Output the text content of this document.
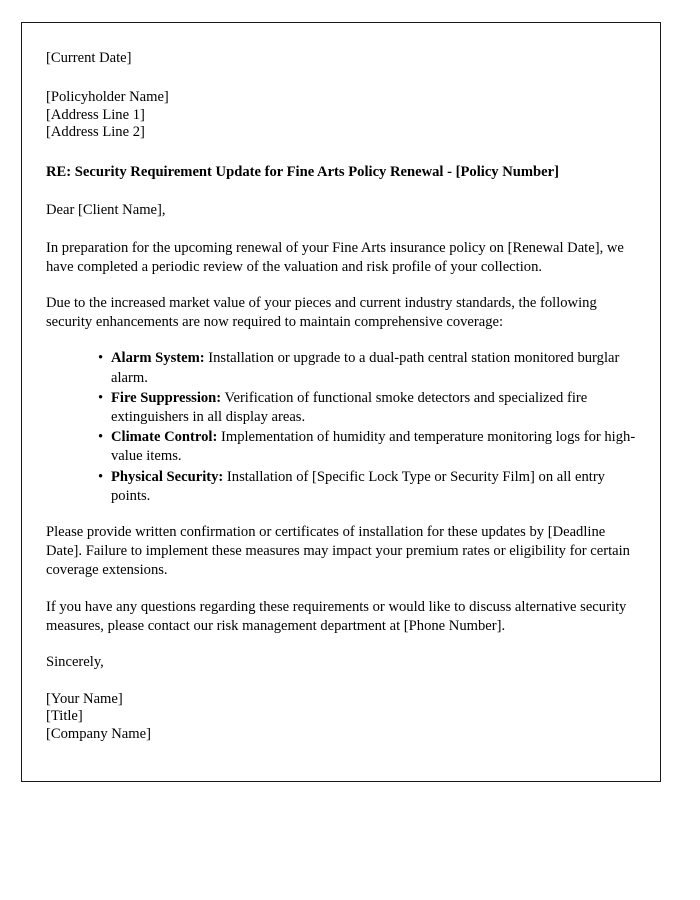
[Current Date]
[Policyholder Name]
[Address Line 1]
[Address Line 2]
RE: Security Requirement Update for Fine Arts Policy Renewal - [Policy Number]
Dear [Client Name],

In preparation for the upcoming renewal of your Fine Arts insurance policy on [Renewal Date], we have completed a periodic review of the valuation and risk profile of your collection.

Due to the increased market value of your pieces and current industry standards, the following security enhancements are now required to maintain comprehensive coverage:

• Alarm System: Installation or upgrade to a dual-path central station monitored burglar alarm.
• Fire Suppression: Verification of functional smoke detectors and specialized fire extinguishers in all display areas.
• Climate Control: Implementation of humidity and temperature monitoring logs for high-value items.
• Physical Security: Installation of [Specific Lock Type or Security Film] on all entry points.

Please provide written confirmation or certificates of installation for these updates by [Deadline Date]. Failure to implement these measures may impact your premium rates or eligibility for certain coverage extensions.

If you have any questions regarding these requirements or would like to discuss alternative security measures, please contact our risk management department at [Phone Number].

Sincerely,
[Your Name]
[Title]
[Company Name]
